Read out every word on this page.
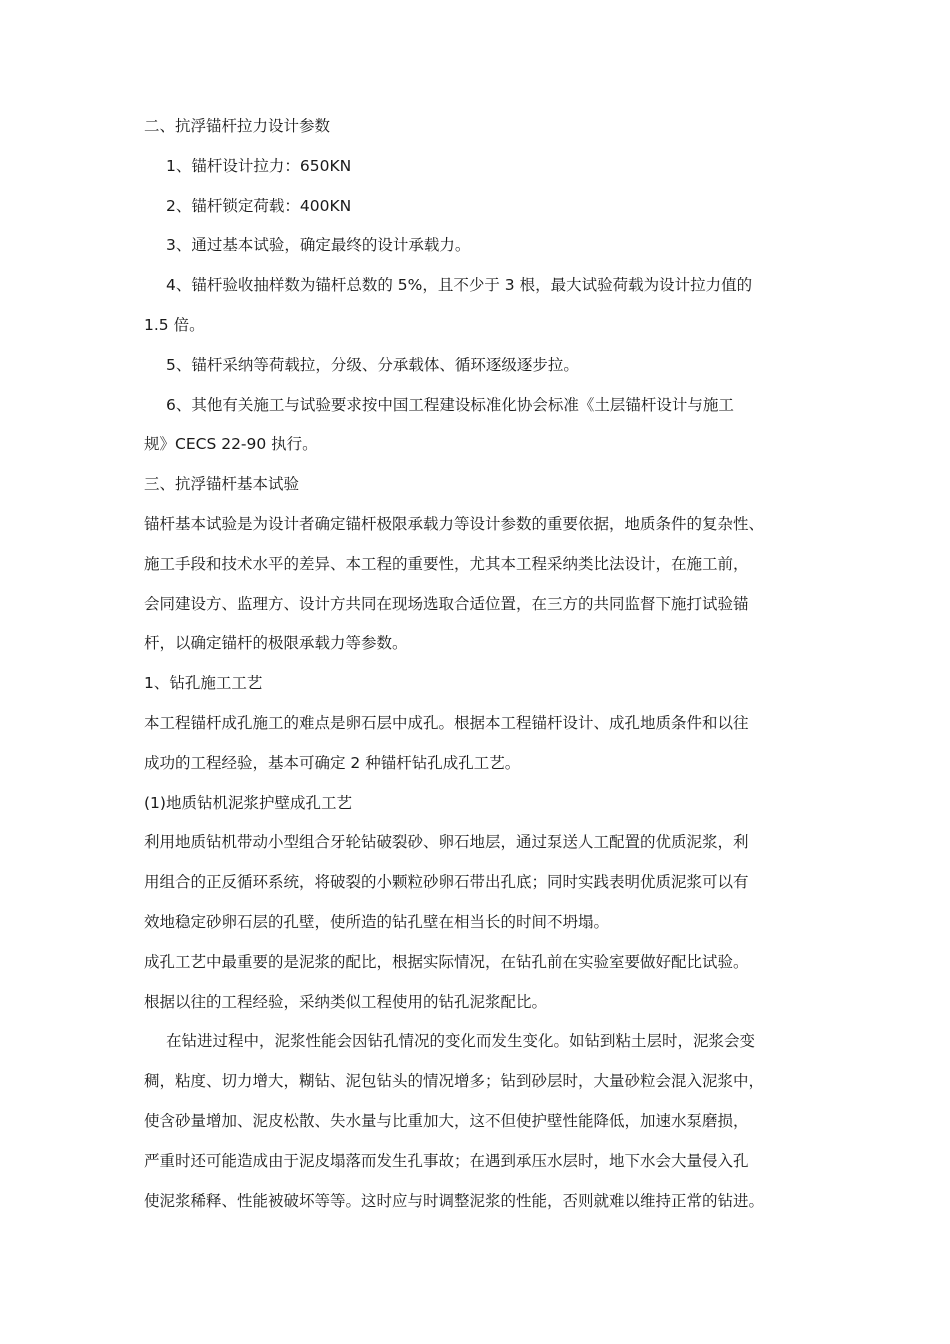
二、抗浮锚杆拉力设计参数
1、锚杆设计拉力：650KN
2、锚杆锁定荷载：400KN
3、通过基本试验，确定最终的设计承载力。
4、锚杆验收抽样数为锚杆总数的 5%，且不少于 3 根，最大试验荷载为设计拉力值的
1.5 倍。
5、锚杆采纳等荷载拉，分级、分承载体、循环逐级逐步拉。
6、其他有关施工与试验要求按中国工程建设标准化协会标准《土层锚杆设计与施工
规》CECS 22-90 执行。
三、抗浮锚杆基本试验
锚杆基本试验是为设计者确定锚杆极限承载力等设计参数的重要依据，地质条件的复杂性、
施工手段和技术水平的差异、本工程的重要性，尤其本工程采纳类比法设计，在施工前，
会同建设方、监理方、设计方共同在现场选取合适位置，在三方的共同监督下施打试验锚
杆，以确定锚杆的极限承载力等参数。
1、钻孔施工工艺
本工程锚杆成孔施工的难点是卵石层中成孔。根据本工程锚杆设计、成孔地质条件和以往
成功的工程经验，基本可确定 2 种锚杆钻孔成孔工艺。
(1)地质钻机泥浆护壁成孔工艺
利用地质钻机带动小型组合牙轮钻破裂砂、卵石地层，通过泵送人工配置的优质泥浆，利
用组合的正反循环系统，将破裂的小颗粒砂卵石带出孔底；同时实践表明优质泥浆可以有
效地稳定砂卵石层的孔壁，使所造的钻孔壁在相当长的时间不坍塌。
成孔工艺中最重要的是泥浆的配比，根据实际情况，在钻孔前在实验室要做好配比试验。
根据以往的工程经验，采纳类似工程使用的钻孔泥浆配比。
在钻进过程中，泥浆性能会因钻孔情况的变化而发生变化。如钻到粘土层时，泥浆会变
稠，粘度、切力增大，糊钻、泥包钻头的情况增多；钻到砂层时，大量砂粒会混入泥浆中，
使含砂量增加、泥皮松散、失水量与比重加大，这不但使护壁性能降低，加速水泵磨损，
严重时还可能造成由于泥皮塌落而发生孔事故；在遇到承压水层时，地下水会大量侵入孔
使泥浆稀释、性能被破坏等等。这时应与时调整泥浆的性能，否则就难以维持正常的钻进。
